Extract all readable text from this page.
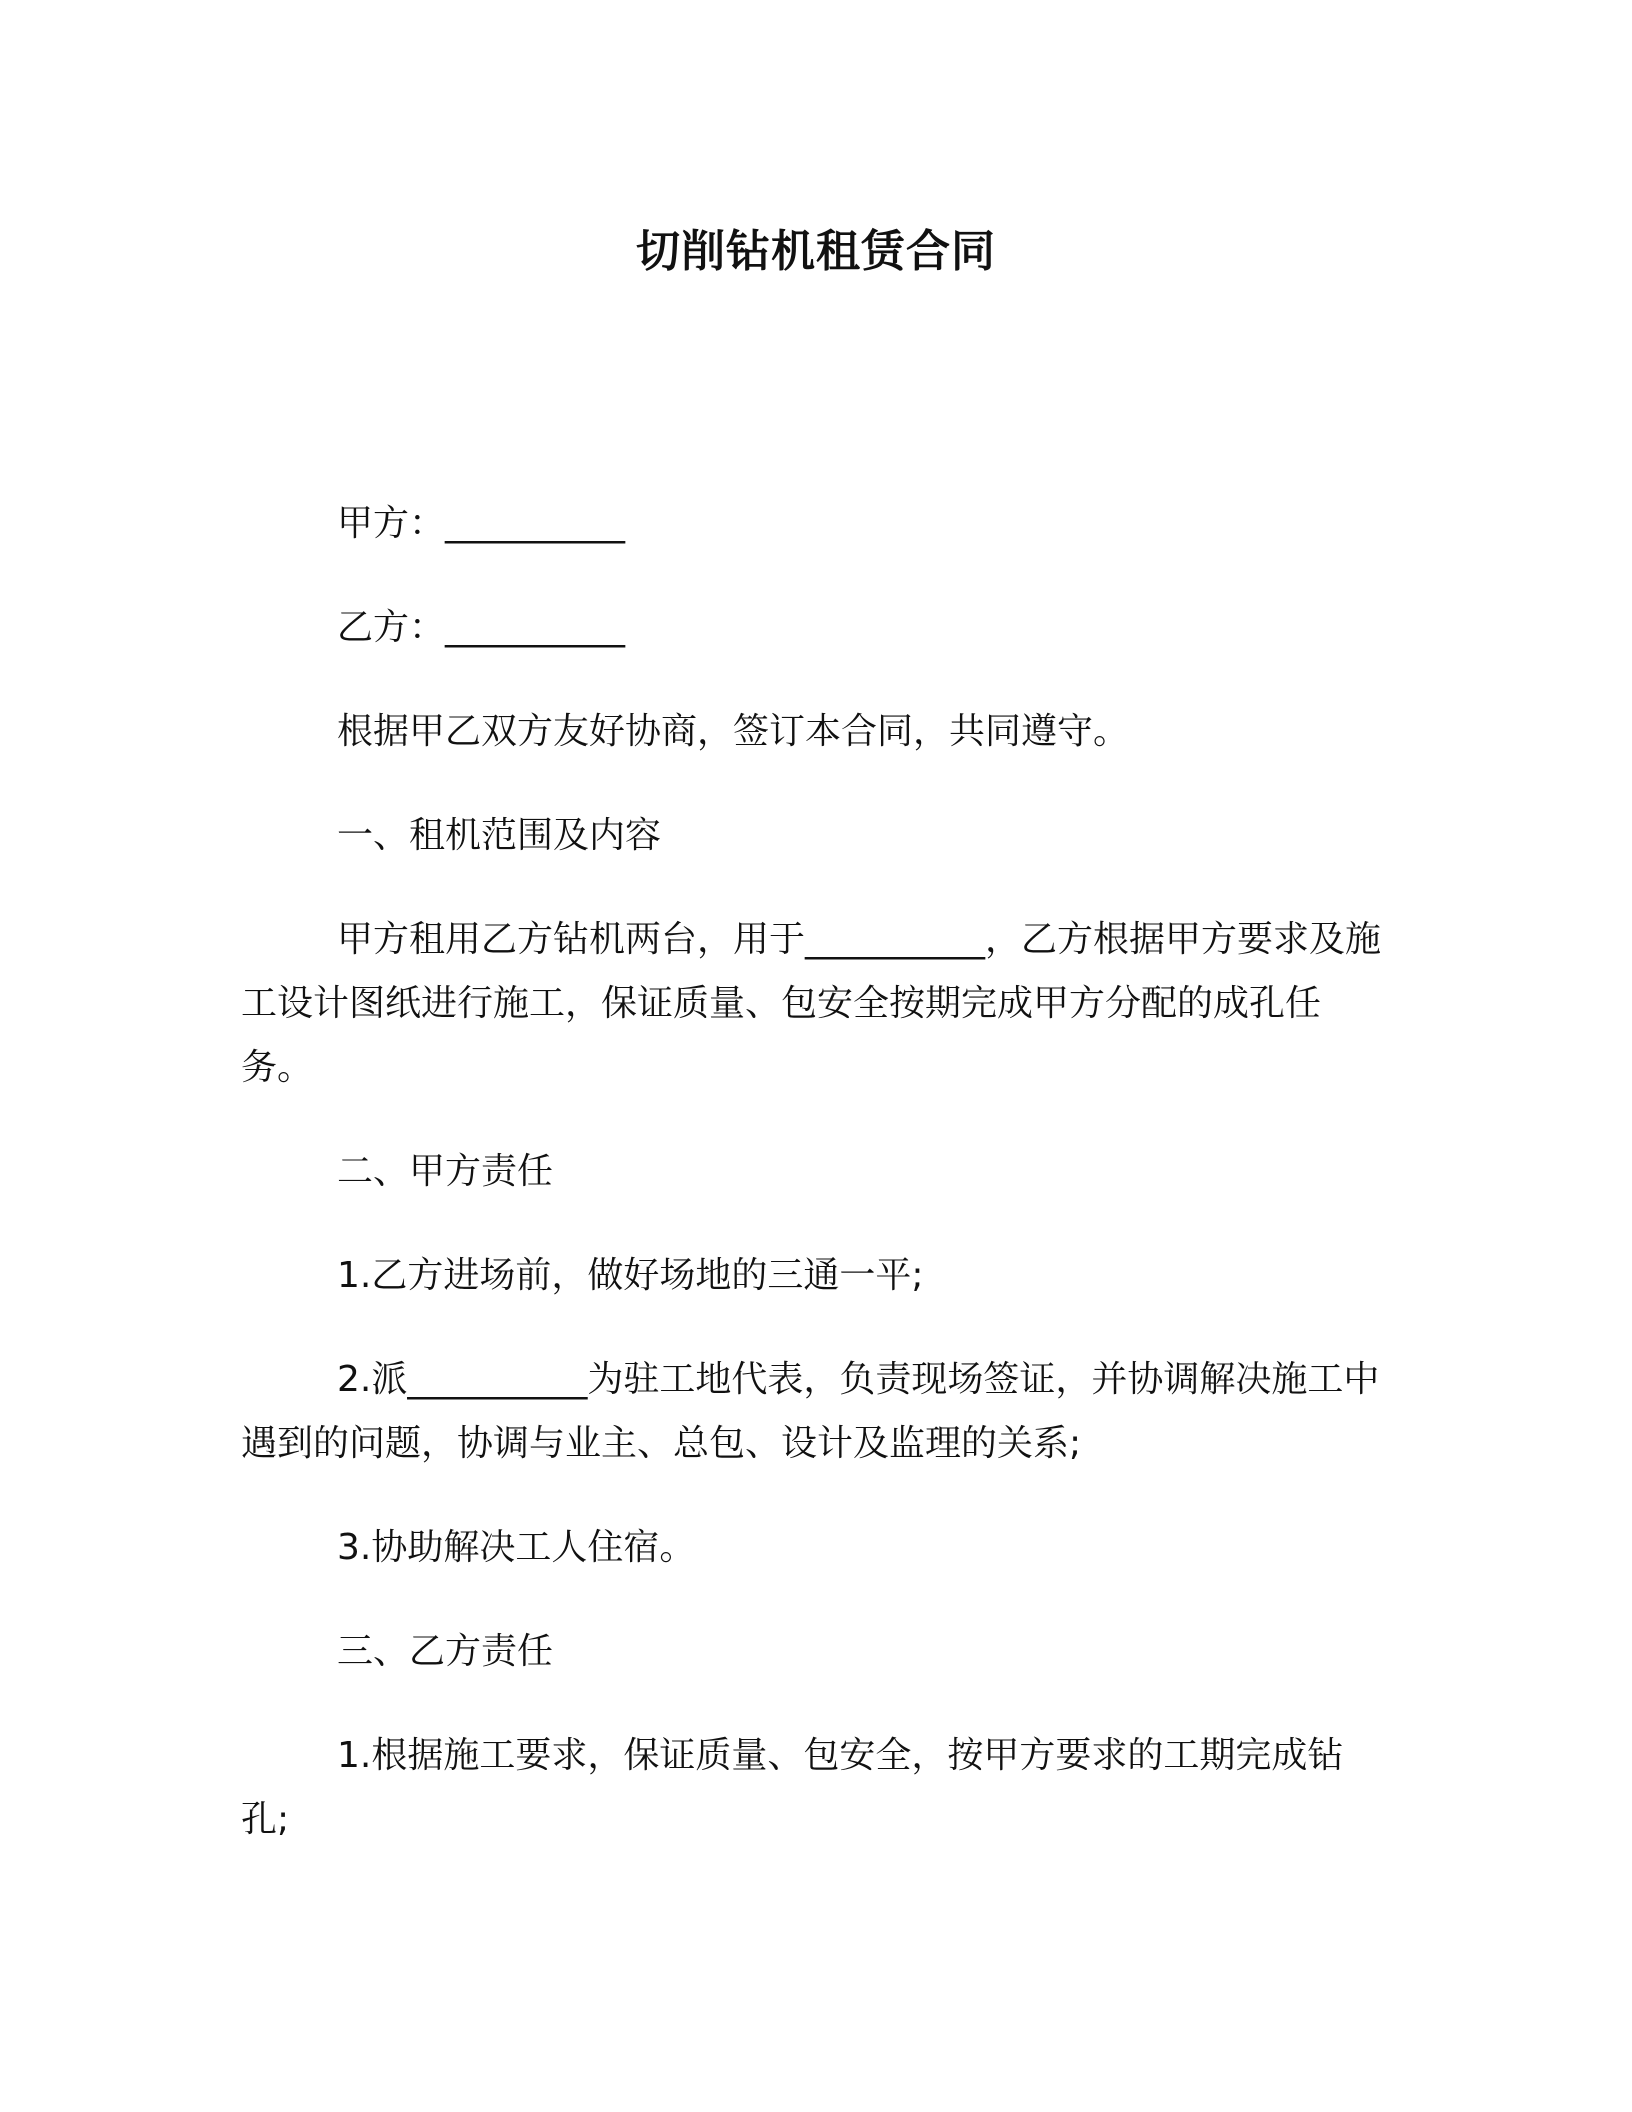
切削钻机租赁合同

甲方：__________

乙方：__________

根据甲乙双方友好协商，签订本合同，共同遵守。

一、租机范围及内容

甲方租用乙方钻机两台，用于__________，乙方根据甲方要求及施工设计图纸进行施工，保证质量、包安全按期完成甲方分配的成孔任务。

二、甲方责任

1.乙方进场前，做好场地的三通一平;

2.派__________为驻工地代表，负责现场签证，并协调解决施工中遇到的问题，协调与业主、总包、设计及监理的关系;

3.协助解决工人住宿。

三、乙方责任

1.根据施工要求，保证质量、包安全，按甲方要求的工期完成钻孔;
